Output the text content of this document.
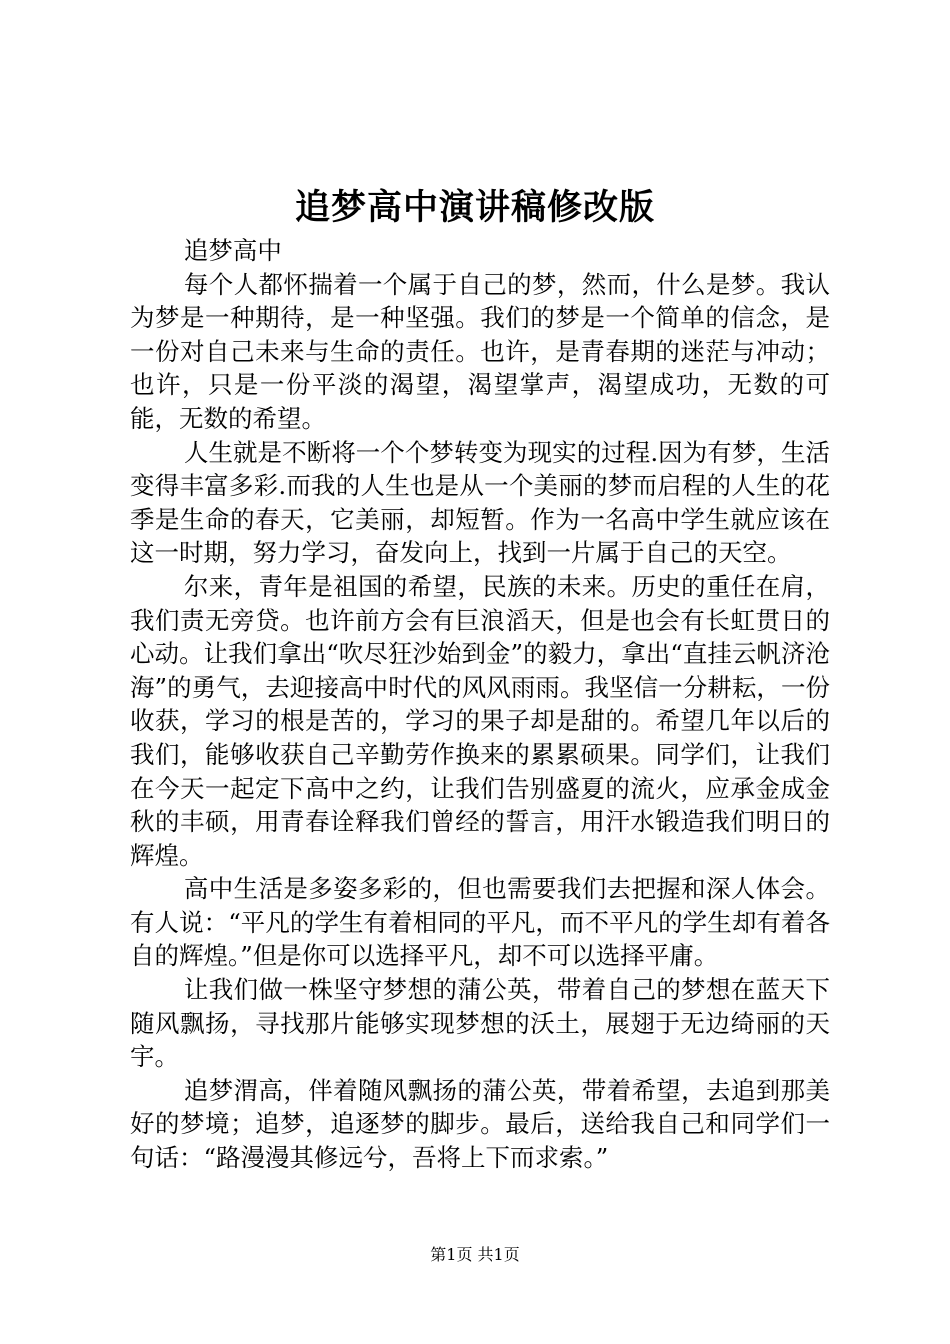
追梦高中演讲稿修改版

追梦高中

每个人都怀揣着一个属于自己的梦，然而，什么是梦。我认为梦是一种期待，是一种坚强。我们的梦是一个简单的信念，是一份对自己未来与生命的责任。也许，是青春期的迷茫与冲动；也许，只是一份平淡的渴望，渴望掌声，渴望成功，无数的可能，无数的希望。

人生就是不断将一个个梦转变为现实的过程.因为有梦，生活变得丰富多彩.而我的人生也是从一个美丽的梦而启程的人生的花季是生命的春天，它美丽，却短暂。作为一名高中学生就应该在这一时期，努力学习，奋发向上，找到一片属于自己的天空。

尔来，青年是祖国的希望，民族的未来。历史的重任在肩，我们责无旁贷。也许前方会有巨浪滔天，但是也会有长虹贯日的心动。让我们拿出“吹尽狂沙始到金”的毅力，拿出“直挂云帆济沧海”的勇气，去迎接高中时代的风风雨雨。我坚信一分耕耘，一份收获，学习的根是苦的，学习的果子却是甜的。希望几年以后的我们，能够收获自己辛勤劳作换来的累累硕果。同学们，让我们在今天一起定下高中之约，让我们告别盛夏的流火，应承金成金秋的丰硕，用青春诠释我们曾经的誓言，用汗水锻造我们明日的辉煌。

高中生活是多姿多彩的，但也需要我们去把握和深人体会。有人说：“平凡的学生有着相同的平凡，而不平凡的学生却有着各自的辉煌。”但是你可以选择平凡，却不可以选择平庸。

让我们做一株坚守梦想的蒲公英，带着自己的梦想在蓝天下随风飘扬，寻找那片能够实现梦想的沃土，展翅于无边绮丽的天宇。

追梦渭高，伴着随风飘扬的蒲公英，带着希望，去追到那美好的梦境；追梦，追逐梦的脚步。最后，送给我自己和同学们一句话：“路漫漫其修远兮，吾将上下而求索。”

第1页 共1页
